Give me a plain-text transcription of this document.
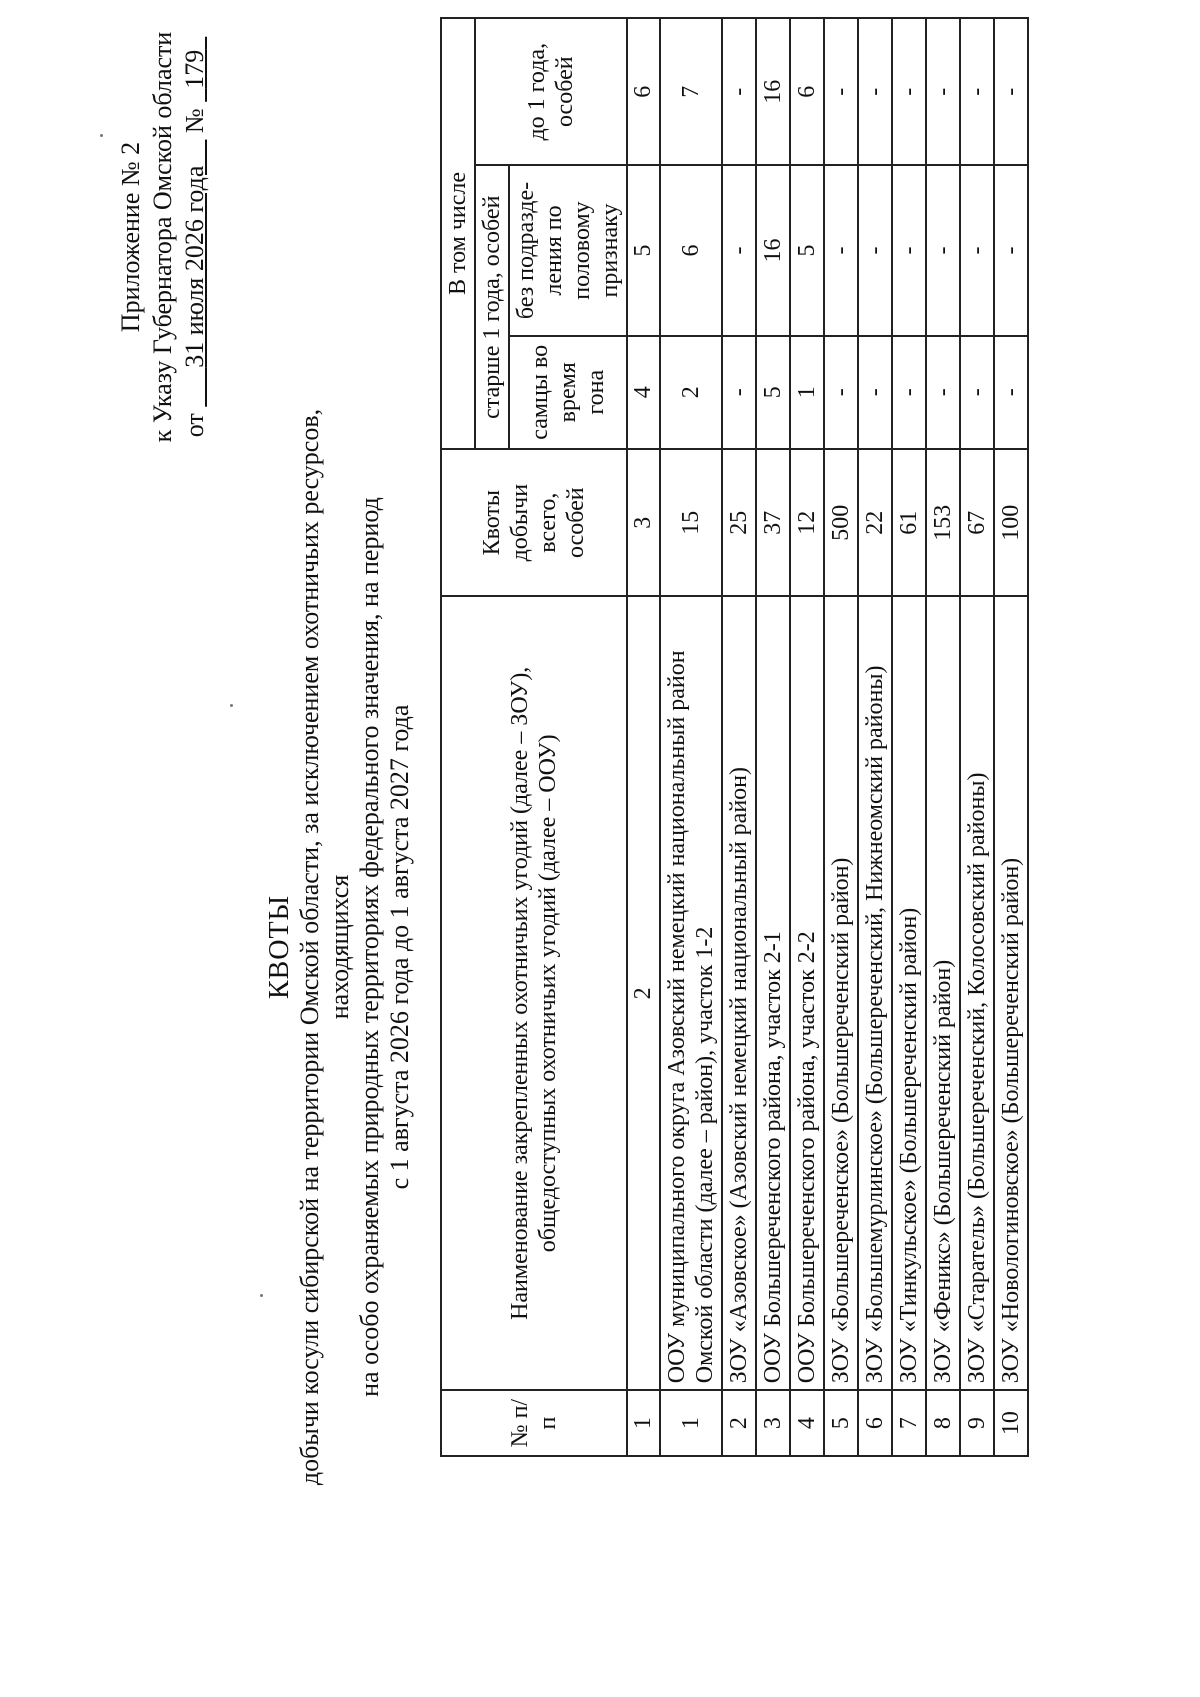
Приложение № 2 к Указу Губернатора Омской области от       31 июля 2026 года     №   179
КВОТЫ добычи косули сибирской на территории Омской области, за исключением охотничьих ресурсов, находящихся на особо охраняемых природных территориях федерального значения, на период с 1 августа 2026 года до 1 августа 2027 года
№ п/п	Наименование закрепленных охотничьих угодий (далее – ЗОУ), общедоступных охотничьих угодий (далее – ООУ)	Квоты добычи всего, особей	В том числе		
			старше 1 года, особей		до 1 года, особей
			самцы во время гона	без подразде-ления по половому признаку	
1	2	3	4	5	6
1	ООУ муниципального округа Азовский немецкий национальный район Омской области (далее – район), участок 1-2	15	2	6	7
2	ЗОУ «Азовское» (Азовский немецкий национальный район)	25	-	-	-
3	ООУ Большереченского района, участок 2-1	37	5	16	16
4	ООУ Большереченского района, участок 2-2	12	1	5	6
5	ЗОУ «Большереченское» (Большереченский район)	500	-	-	-
6	ЗОУ «Большемурлинское» (Большереченский, Нижнеомский районы)	22	-	-	-
7	ЗОУ «Тинкульское» (Большереченский район)	61	-	-	-
8	ЗОУ «Феникс» (Большереченский район)	153	-	-	-
9	ЗОУ «Старатель» (Большереченский, Колосовский районы)	67	-	-	-
10	ЗОУ «Новологиновское» (Большереченский район)	100	-	-	-
